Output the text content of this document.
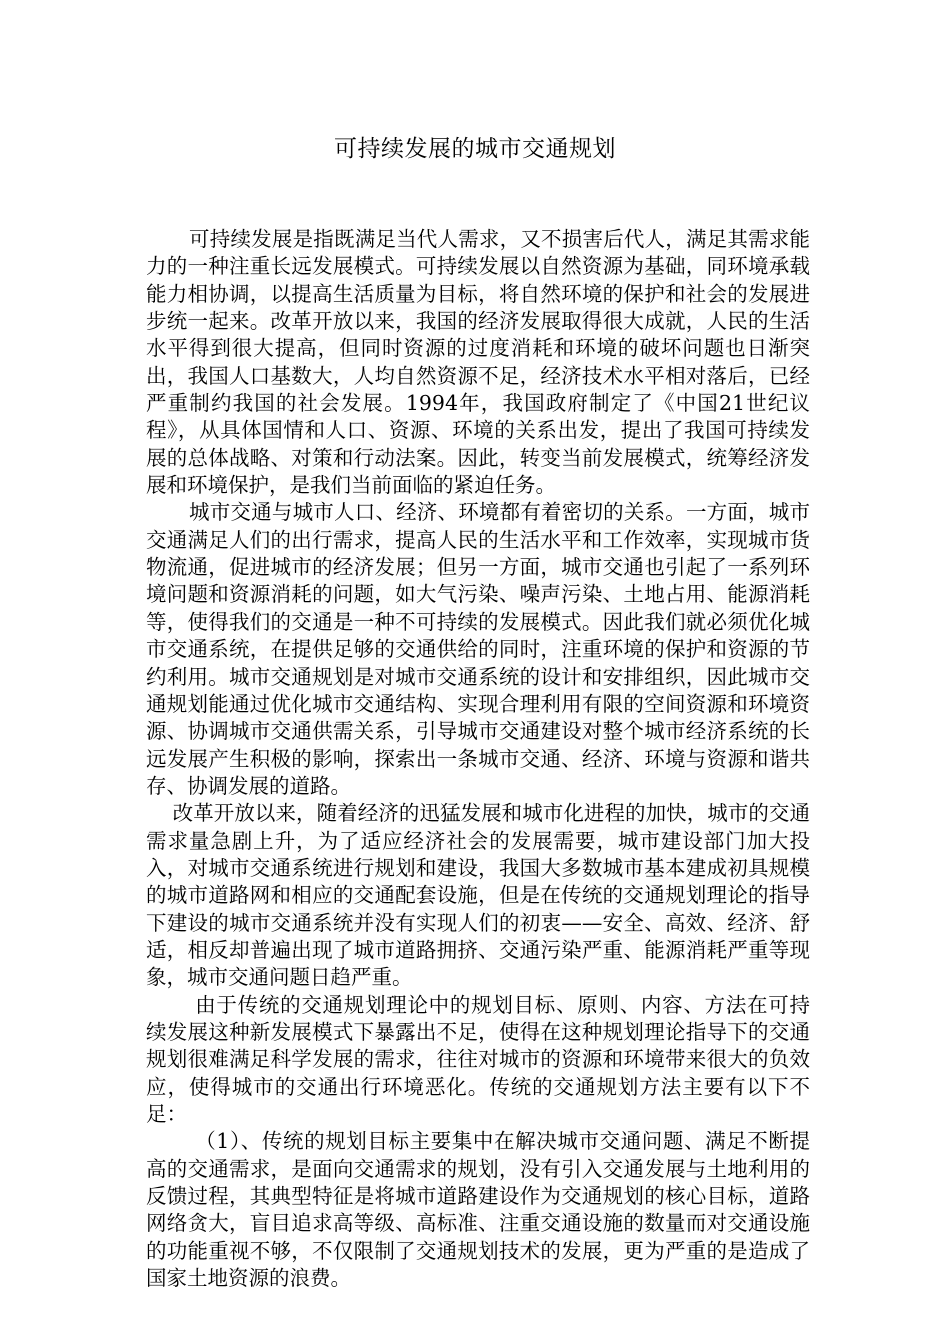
可持续发展的城市交通规划

可持续发展是指既满足当代人需求，又不损害后代人，满足其需求能力的一种注重长远发展模式。可持续发展以自然资源为基础，同环境承载能力相协调，以提高生活质量为目标，将自然环境的保护和社会的发展进步统一起来。改革开放以来，我国的经济发展取得很大成就，人民的生活水平得到很大提高，但同时资源的过度消耗和环境的破坏问题也日渐突出，我国人口基数大，人均自然资源不足，经济技术水平相对落后，已经严重制约我国的社会发展。1994年，我国政府制定了《中国21世纪议程》，从具体国情和人口、资源、环境的关系出发，提出了我国可持续发展的总体战略、对策和行动法案。因此，转变当前发展模式，统筹经济发展和环境保护，是我们当前面临的紧迫任务。

城市交通与城市人口、经济、环境都有着密切的关系。一方面，城市交通满足人们的出行需求，提高人民的生活水平和工作效率，实现城市货物流通，促进城市的经济发展；但另一方面，城市交通也引起了一系列环境问题和资源消耗的问题，如大气污染、噪声污染、土地占用、能源消耗等，使得我们的交通是一种不可持续的发展模式。因此我们就必须优化城市交通系统，在提供足够的交通供给的同时，注重环境的保护和资源的节约利用。城市交通规划是对城市交通系统的设计和安排组织，因此城市交通规划能通过优化城市交通结构、实现合理利用有限的空间资源和环境资源、协调城市交通供需关系，引导城市交通建设对整个城市经济系统的长远发展产生积极的影响，探索出一条城市交通、经济、环境与资源和谐共存、协调发展的道路。

改革开放以来，随着经济的迅猛发展和城市化进程的加快，城市的交通需求量急剧上升，为了适应经济社会的发展需要，城市建设部门加大投入，对城市交通系统进行规划和建设，我国大多数城市基本建成初具规模的城市道路网和相应的交通配套设施，但是在传统的交通规划理论的指导下建设的城市交通系统并没有实现人们的初衷——安全、高效、经济、舒适，相反却普遍出现了城市道路拥挤、交通污染严重、能源消耗严重等现象，城市交通问题日趋严重。

由于传统的交通规划理论中的规划目标、原则、内容、方法在可持续发展这种新发展模式下暴露出不足，使得在这种规划理论指导下的交通规划很难满足科学发展的需求，往往对城市的资源和环境带来很大的负效应，使得城市的交通出行环境恶化。传统的交通规划方法主要有以下不足：

（1）、传统的规划目标主要集中在解决城市交通问题、满足不断提高的交通需求，是面向交通需求的规划，没有引入交通发展与土地利用的反馈过程，其典型特征是将城市道路建设作为交通规划的核心目标，道路网络贪大，盲目追求高等级、高标准、注重交通设施的数量而对交通设施的功能重视不够，不仅限制了交通规划技术的发展，更为严重的是造成了国家土地资源的浪费。
